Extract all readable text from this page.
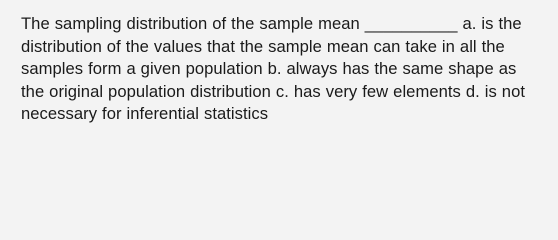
The sampling distribution of the sample mean __________ a. is the distribution of the values that the sample mean can take in all the samples form a given population b. always has the same shape as the original population distribution c. has very few elements d. is not necessary for inferential statistics
